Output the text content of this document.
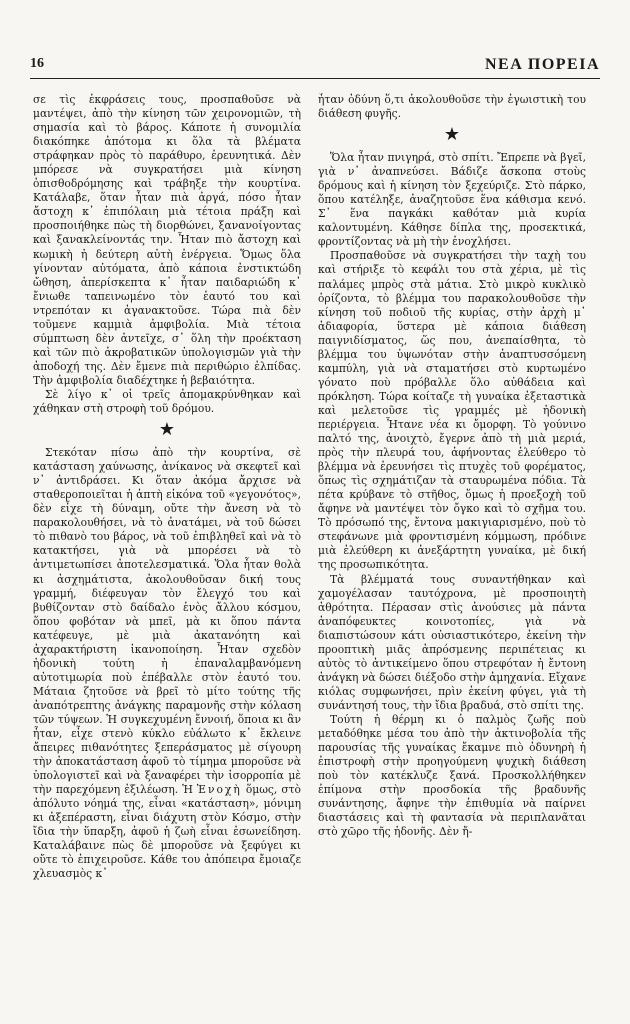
16	ΝΕΑ ΠΟΡΕΙΑ

σε τὶς ἐκφράσεις τους, προσπαθοῦσε νὰ μαντέψει, ἀπὸ τὴν κίνηση τῶν χειρονομιῶν, τὴ σημασία καὶ τὸ βάρος. Κάποτε ἡ συνομιλία διακόπηκε ἀπότομα κι ὅλα τὰ βλέματα στράφηκαν πρὸς τὸ παράθυρο, ἐρευνητικά. Δὲν μπόρεσε νὰ συγκρατήσει μιὰ κίνηση ὀπισθοδρόμησης καὶ τράβηξε τὴν κουρτίνα. Κατάλαβε, ὅταν ἦταν πιὰ ἀργά, πόσο ἦταν ἄστοχη κ᾽ ἐπιπόλαιη μιὰ τέτοια πράξη καὶ προσποιήθηκε πὼς τὴ διορθώνει, ξανανοίγοντας καὶ ξανακλείνοντάς την. Ἦταν πιὸ ἄστοχη καὶ κωμικὴ ἡ δεύτερη αὐτὴ ἐνέργεια. Ὅμως ὅλα γίνονταν αὐτόματα, ἀπὸ κάποια ἐνστικτώδη ὤθηση, ἀπερίσκεπτα κ᾽ ἦταν παιδαριώδη κ᾽ ἔνιωθε ταπεινωμένο τὸν ἑαυτό του καὶ ντρεπόταν κι ἀγανακτοῦσε. Τώρα πιὰ δὲν τοῦμενε καμμιὰ ἀμφιβολία. Μιὰ τέτοια σύμπτωση δὲν ἀντεῖχε, σ᾽ ὅλη τὴν προέκταση καὶ τῶν πιὸ ἀκροβατικῶν ὑπολογισμῶν γιὰ τὴν ἀποδοχή της. Δὲν ἔμενε πιὰ περιθώριο ἐλπίδας. Τὴν ἀμφιβολία διαδέχτηκε ἡ βεβαιότητα.

Σὲ λίγο κ᾽ οἱ τρεῖς ἀπομακρύνθηκαν καὶ χάθηκαν στὴ στροφὴ τοῦ δρόμου.

★

Στεκόταν πίσω ἀπὸ τὴν κουρτίνα, σὲ κατάσταση χαύνωσης, ἀνίκανος νὰ σκεφτεῖ καὶ ν᾽ ἀντιδράσει. Κι ὅταν ἀκόμα ἄρχισε νὰ σταθεροποιεῖται ἡ ἀπτὴ εἰκόνα τοῦ «γεγονότος», δὲν εἶχε τὴ δύναμη, οὔτε τὴν ἄνεση νὰ τὸ παρακολουθήσει, νὰ τὸ ἀνατάμει, νὰ τοῦ δώσει τὸ πιθανὸ του βάρος, νὰ τοῦ ἐπιβληθεῖ καὶ νὰ τὸ κατακτήσει, γιὰ νὰ μπορέσει νὰ τὸ ἀντιμετωπίσει ἀποτελεσματικά. Ὅλα ἦταν θολὰ κι ἀσχημάτιστα, ἀκολουθοῦσαν δική τους γραμμή, διέφευγαν τὸν ἔλεγχό του καὶ βυθίζονταν στὸ δαίδαλο ἑνὸς ἄλλου κόσμου, ὅπου φοβόταν νὰ μπεῖ, μὰ κι ὅπου πάντα κατέφευγε, μὲ μιὰ ἀκατανόητη καὶ ἀχαρακτήριστη ἱκανοποίηση. Ἦταν σχεδὸν ἡδονικὴ τούτη ἡ ἐπαναλαμβανόμενη αὐτοτιμωρία ποὺ ἐπέβαλλε στὸν ἑαυτό του. Μάταια ζητοῦσε νὰ βρεῖ τὸ μίτο τούτης τῆς ἀναπότρεπτης ἀνάγκης παραμονῆς στὴν κόλαση τῶν τύψεων. Ἡ συγκεχυμένη ἔννοιή, ὅποια κι ἂν ἦταν, εἶχε στενὸ κύκλο εὐάλωτο κ᾽ ἔκλεινε ἄπειρες πιθανότητες ξεπεράσματος μὲ σίγουρη τὴν ἀποκατάσταση ἀφοῦ τὸ τίμημα μποροῦσε νὰ ὑπολογιστεῖ καὶ νὰ ξαναφέρει τὴν ἰσορροπία μὲ τὴν παρεχόμενη ἐξιλέωση. Ἡ Ἐνοχὴ ὅμως, στὸ ἀπόλυτο νόημά της, εἶναι «κατάσταση», μόνιμη κι ἀξεπέραστη, εἶναι διάχυτη στὸν Κόσμο, στὴν ἴδια τὴν ὕπαρξη, ἀφοῦ ἡ ζωὴ εἶναι ἐσωνείδηση. Καταλάβαινε πὼς δὲ μποροῦσε νὰ ξεφύγει κι οὔτε τὸ ἐπιχειροῦσε. Κάθε του ἀπόπειρα ἔμοιαζε χλευασμὸς κ᾽

ἦταν ὀδύνη ὅ,τι ἀκολουθοῦσε τὴν ἐγωιστικὴ του διάθεση φυγῆς.

★

Ὅλα ἦταν πνιγηρά, στὸ σπίτι. Ἔπρεπε νὰ βγεῖ, γιὰ ν᾽ ἀναπνεύσει. Βάδιζε ἄσκοπα στοὺς δρόμους καὶ ἡ κίνηση τὸν ξεχεύριζε. Στὸ πάρκο, ὅπου κατέληξε, ἀναζητοῦσε ἕνα κάθισμα κενό. Σ᾽ ἕνα παγκάκι καθόταν μιὰ κυρία καλοντυμένη. Κάθησε δίπλα της, προσεκτικά, φροντίζοντας νὰ μὴ τὴν ἐνοχλήσει.

Προσπαθοῦσε νὰ συγκρατήσει τὴν ταχὴ του καὶ στήριξε τὸ κεφάλι του στὰ χέρια, μὲ τὶς παλάμες μπρὸς στὰ μάτια. Στὸ μικρὸ κυκλικὸ ὁρίζοντα, τὸ βλέμμα του παρακολουθοῦσε τὴν κίνηση τοῦ ποδιοῦ τῆς κυρίας, στὴν ἀρχὴ μ᾽ ἀδιαφορία, ὕστερα μὲ κάποια διάθεση παιγνιδίσματος, ὥς που, ἀνεπαίσθητα, τὸ βλέμμα του ὑψωνόταν στὴν ἀναπτυσσόμενη καμπύλη, γιὰ νὰ σταματήσει στὸ κυρτωμένο γόνατο ποὺ πρόβαλλε ὅλο αὐθάδεια καὶ πρόκληση. Τώρα κοίταζε τὴ γυναίκα ἐξεταστικὰ καὶ μελετοῦσε τὶς γραμμές μὲ ἡδονικὴ περιέργεια. Ἦτανε νέα κι ὄμορφη. Τὸ γούνινο παλτό της, ἀνοιχτὸ, ἔγερνε ἀπὸ τὴ μιὰ μεριά, πρὸς τὴν πλευρά του, ἀφήνοντας ἐλεύθερο τὸ βλέμμα νὰ ἐρευνήσει τὶς πτυχὲς τοῦ φορέματος, ὅπως τὶς σχημάτιζαν τὰ σταυρωμένα πόδια. Τὰ πέτα κρύβανε τὸ στῆθος, ὅμως ἡ προεξοχὴ τοῦ ἄφηνε νὰ μαντέψει τὸν ὄγκο καὶ τὸ σχῆμα του. Τὸ πρόσωπό της, ἔντονα μακιγιαρισμένο, ποὺ τὸ στεφάνωνε μιὰ φροντισμένη κόμμωση, πρόδινε μιὰ ἐλεύθερη κι ἀνεξάρτητη γυναίκα, μὲ δική της προσωπικότητα.

Τὰ βλέμματά τους συναντήθηκαν καὶ χαμογέλασαν ταυτόχρονα, μὲ προσποιητὴ ἀθρότητα. Πέρασαν στὶς ἀνούσιες μὰ πάντα ἀναπόφευκτες κοινοτοπίες, γιὰ νὰ διαπιστώσουν κάτι οὐσιαστικότερο, ἐκείνη τὴν προοπτικὴ μιᾶς ἀπρόσμενης περιπέτειας κι αὐτὸς τὸ ἀντικείμενο ὅπου στρεφόταν ἡ ἔντονη ἀνάγκη νὰ δώσει διέξοδο στὴν ἀμηχανία. Εἴχανε κιόλας συμφωνήσει, πρὶν ἐκείνη φύγει, γιὰ τὴ συνάντησή τους, τὴν ἴδια βραδυά, στὸ σπίτι της.

Τούτη ἡ θέρμη κι ὁ παλμὸς ζωῆς ποὺ μεταδόθηκε μέσα του ἀπὸ τὴν ἀκτινοβολία τῆς παρουσίας τῆς γυναίκας ἔκαμνε πιὸ ὀδυνηρὴ ἡ ἐπιστροφὴ στὴν προηγούμενη ψυχικὴ διάθεση ποὺ τὸν κατέκλυζε ξανά. Προσκολλήθηκεν ἐπίμονα στὴν προσδοκία τῆς βραδυνῆς συνάντησης, ἄφηνε τὴν ἐπιθυμία νὰ παίρνει διαστάσεις καὶ τὴ φαντασία νὰ περιπλανᾶται στὸ χῶρο τῆς ἡδονῆς. Δὲν ἤ-
